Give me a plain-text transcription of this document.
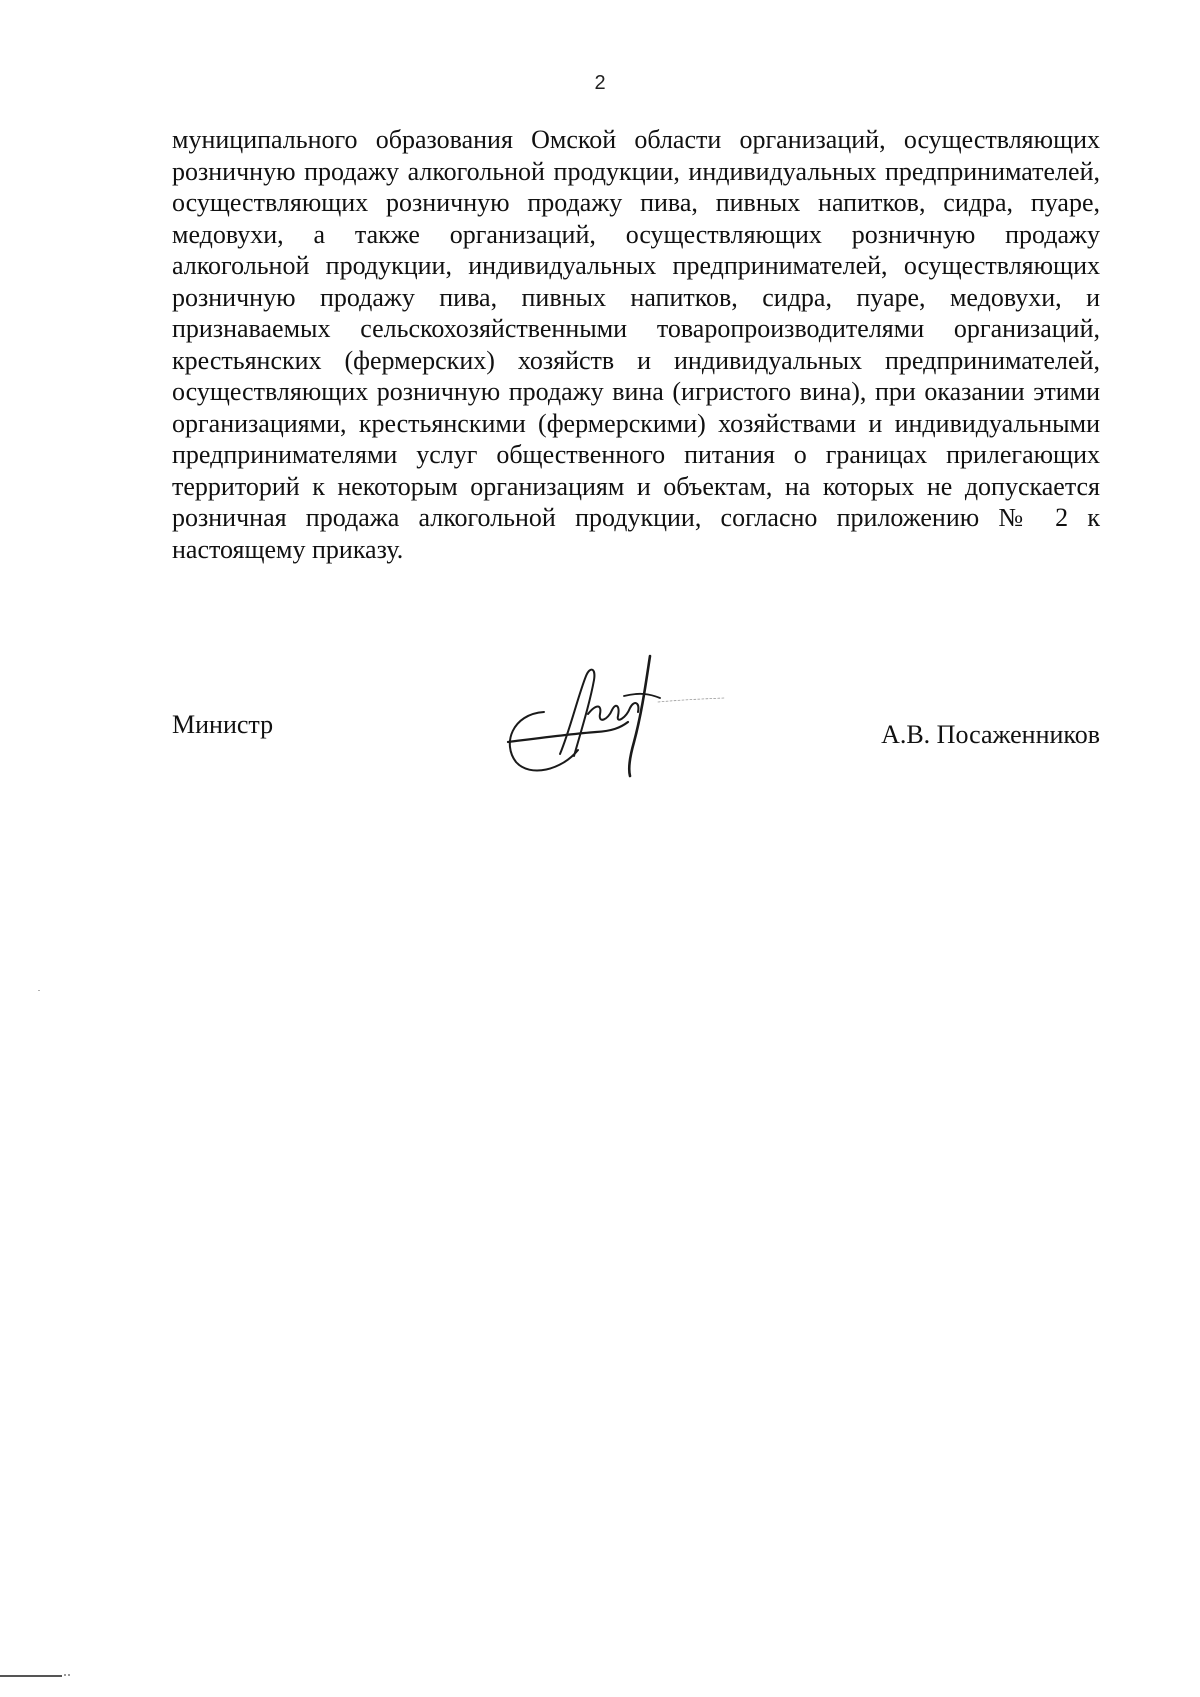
2

муниципального образования Омской области организаций, осуществляющих розничную продажу алкогольной продукции, индивидуальных предпринимателей, осуществляющих розничную продажу пива, пивных напитков, сидра, пуаре, медовухи, а также организаций, осуществляющих розничную продажу алкогольной продукции, индивидуальных предпринимателей, осуществляющих розничную продажу пива, пивных напитков, сидра, пуаре, медовухи, и признаваемых сельскохозяйственными товаропроизводителями организаций, крестьянских (фермерских) хозяйств и индивидуальных предпринимателей, осуществляющих розничную продажу вина (игристого вина), при оказании этими организациями, крестьянскими (фермерскими) хозяйствами и индивидуальными предпринимателями услуг общественного питания о границах прилегающих территорий к некоторым организациям и объектам, на которых не допускается розничная продажа алкогольной продукции, согласно приложению № 2 к настоящему приказу.

Министр	А.В. Посаженников
